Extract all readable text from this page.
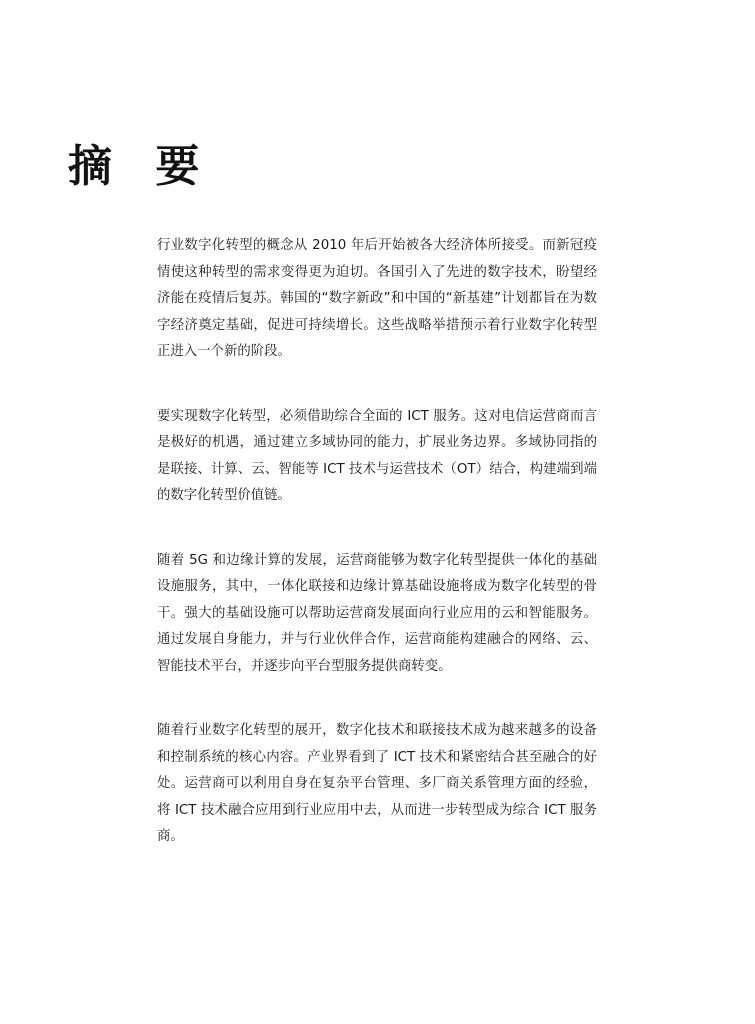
摘 要

行业数字化转型的概念从 2010 年后开始被各大经济体所接受。而新冠疫情使这种转型的需求变得更为迫切。各国引入了先进的数字技术，盼望经济能在疫情后复苏。韩国的“数字新政”和中国的“新基建”计划都旨在为数字经济奠定基础，促进可持续增长。这些战略举措预示着行业数字化转型正进入一个新的阶段。

要实现数字化转型，必须借助综合全面的 ICT 服务。这对电信运营商而言是极好的机遇，通过建立多域协同的能力，扩展业务边界。多域协同指的是联接、计算、云、智能等 ICT 技术与运营技术（OT）结合，构建端到端的数字化转型价值链。

随着 5G 和边缘计算的发展，运营商能够为数字化转型提供一体化的基础设施服务，其中，一体化联接和边缘计算基础设施将成为数字化转型的骨干。强大的基础设施可以帮助运营商发展面向行业应用的云和智能服务。通过发展自身能力，并与行业伙伴合作，运营商能构建融合的网络、云、智能技术平台，并逐步向平台型服务提供商转变。

随着行业数字化转型的展开，数字化技术和联接技术成为越来越多的设备和控制系统的核心内容。产业界看到了 ICT 技术和紧密结合甚至融合的好处。运营商可以利用自身在复杂平台管理、多厂商关系管理方面的经验，将 ICT 技术融合应用到行业应用中去，从而进一步转型成为综合 ICT 服务商。
